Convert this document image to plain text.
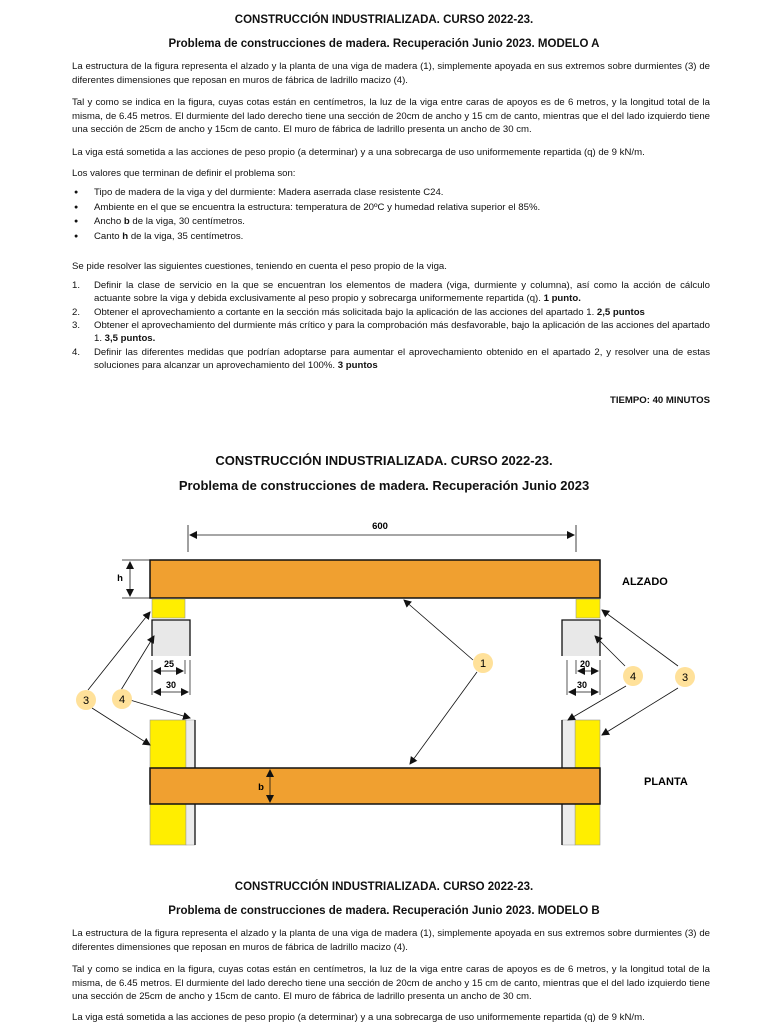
CONSTRUCCIÓN INDUSTRIALIZADA. CURSO 2022-23.

Problema de construcciones de madera. Recuperación Junio 2023. MODELO A

La estructura de la figura representa el alzado y la planta de una viga de madera (1), simplemente apoyada en sus extremos sobre durmientes (3) de diferentes dimensiones que reposan en muros de fábrica de ladrillo macizo (4).

Tal y como se indica en la figura, cuyas cotas están en centímetros, la luz de la viga entre caras de apoyos es de 6 metros, y la longitud total de la misma, de 6.45 metros. El durmiente del lado derecho tiene una sección de 20cm de ancho y 15 cm de canto, mientras que el del lado izquierdo tiene una sección de 25cm de ancho y 15cm de canto. El muro de fábrica de ladrillo presenta un ancho de 30 cm.

La viga está sometida a las acciones de peso propio (a determinar) y a una sobrecarga de uso uniformemente repartida (q) de 9 kN/m.

Los valores que terminan de definir el problema son:

● Tipo de madera de la viga y del durmiente: Madera aserrada clase resistente C24.
● Ambiente en el que se encuentra la estructura: temperatura de 20ºC y humedad relativa superior el 85%.
● Ancho b de la viga, 30 centímetros.
● Canto h de la viga, 35 centímetros.

Se pide resolver las siguientes cuestiones, teniendo en cuenta el peso propio de la viga.

1. Definir la clase de servicio en la que se encuentran los elementos de madera (viga, durmiente y columna), así como la acción de cálculo actuante sobre la viga y debida exclusivamente al peso propio y sobrecarga uniformemente repartida (q). 1 punto.
2. Obtener el aprovechamiento a cortante en la sección más solicitada bajo la aplicación de las acciones del apartado 1. 2,5 puntos
3. Obtener el aprovechamiento del durmiente más crítico y para la comprobación más desfavorable, bajo la aplicación de las acciones del apartado 1. 3,5 puntos.
4. Definir las diferentes medidas que podrían adoptarse para aumentar el aprovechamiento obtenido en el apartado 2, y resolver una de estas soluciones para alcanzar un aprovechamiento del 100%. 3 puntos

TIEMPO: 40 MINUTOS

CONSTRUCCIÓN INDUSTRIALIZADA. CURSO 2022-23.

Problema de construcciones de madera. Recuperación Junio 2023

600
h	ALZADO
25
30
20
30
b	PLANTA
1
3	4
4	3

CONSTRUCCIÓN INDUSTRIALIZADA. CURSO 2022-23.

Problema de construcciones de madera. Recuperación Junio 2023. MODELO B

La estructura de la figura representa el alzado y la planta de una viga de madera (1), simplemente apoyada en sus extremos sobre durmientes (3) de diferentes dimensiones que reposan en muros de fábrica de ladrillo macizo (4).

Tal y como se indica en la figura, cuyas cotas están en centímetros, la luz de la viga entre caras de apoyos es de 6 metros, y la longitud total de la misma, de 6.45 metros. El durmiente del lado derecho tiene una sección de 20cm de ancho y 15 cm de canto, mientras que el del lado izquierdo tiene una sección de 25cm de ancho y 15cm de canto. El muro de fábrica de ladrillo presenta un ancho de 30 cm.

La viga está sometida a las acciones de peso propio (a determinar) y a una sobrecarga de uso uniformemente repartida (q) de 9 kN/m.
